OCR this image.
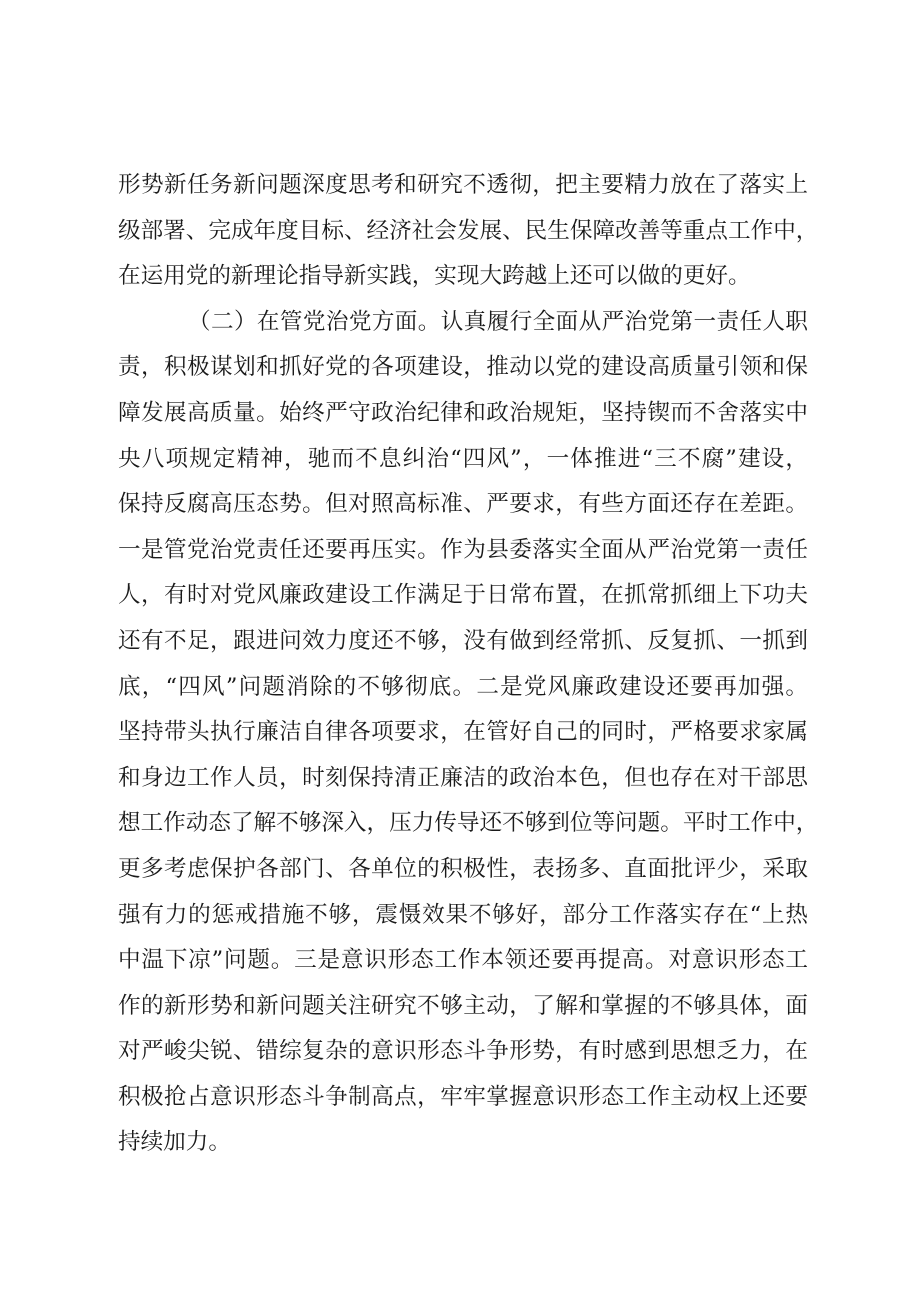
形势新任务新问题深度思考和研究不透彻，把主要精力放在了落实上
级部署、完成年度目标、经济社会发展、民生保障改善等重点工作中，
在运用党的新理论指导新实践，实现大跨越上还可以做的更好。
（二）在管党治党方面。认真履行全面从严治党第一责任人职
责，积极谋划和抓好党的各项建设，推动以党的建设高质量引领和保
障发展高质量。始终严守政治纪律和政治规矩，坚持锲而不舍落实中
央八项规定精神，驰而不息纠治“四风”，一体推进“三不腐”建设，
保持反腐高压态势。但对照高标准、严要求，有些方面还存在差距。
一是管党治党责任还要再压实。作为县委落实全面从严治党第一责任
人，有时对党风廉政建设工作满足于日常布置，在抓常抓细上下功夫
还有不足，跟进问效力度还不够，没有做到经常抓、反复抓、一抓到
底，“四风”问题消除的不够彻底。二是党风廉政建设还要再加强。
坚持带头执行廉洁自律各项要求，在管好自己的同时，严格要求家属
和身边工作人员，时刻保持清正廉洁的政治本色，但也存在对干部思
想工作动态了解不够深入，压力传导还不够到位等问题。平时工作中，
更多考虑保护各部门、各单位的积极性，表扬多、直面批评少，采取
强有力的惩戒措施不够，震慑效果不够好，部分工作落实存在“上热
中温下凉”问题。三是意识形态工作本领还要再提高。对意识形态工
作的新形势和新问题关注研究不够主动，了解和掌握的不够具体，面
对严峻尖锐、错综复杂的意识形态斗争形势，有时感到思想乏力，在
积极抢占意识形态斗争制高点，牢牢掌握意识形态工作主动权上还要
持续加力。
